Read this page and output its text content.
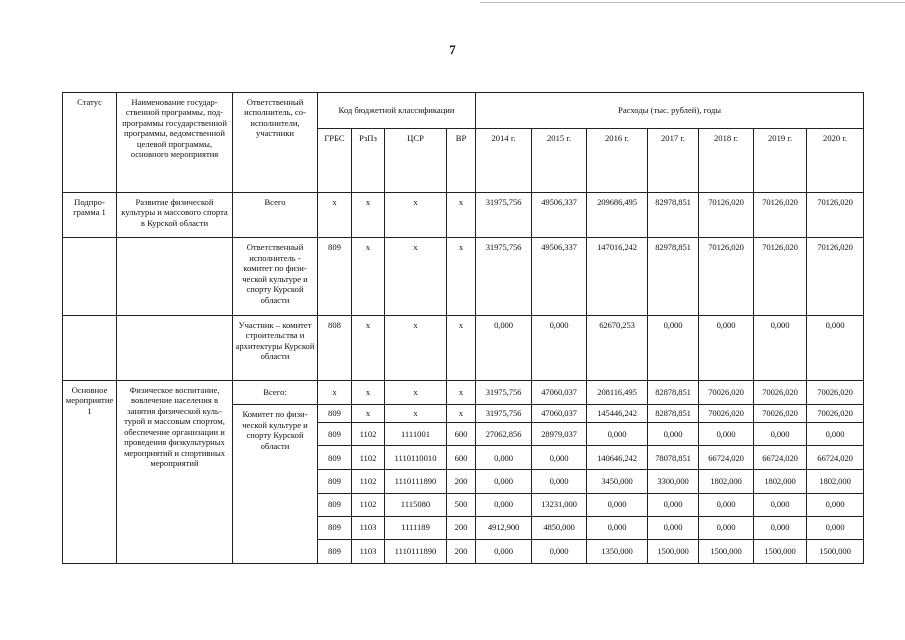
7
Статус	Наименование государственной программы, подпрограммы государственной программы, ведомственной целевой программы, основного мероприятия	Ответственный исполнитель, соисполнители, участники	Код бюджетной классификации				Расходы (тыс. рублей), годы						
			ГРБС	РзПз	ЦСР	ВР	2014 г.	2015 г.	2016 г.	2017 г.	2018 г.	2019 г.	2020 г.
Подпрограмма 1	Развитие физической культуры и массового спорта в Курской области	Всего	x	x	x	x	31975,756	49506,337	209686,495	82978,851	70126,020	70126,020	70126,020
		Ответственный исполнитель - комитет по физической культуре и спорту Курской области	809	x	x	x	31975,756	49506,337	147016,242	82978,851	70126,020	70126,020	70126,020
		Участник – комитет строительства и архитектуры Курской области	808	x	x	x	0,000	0,000	62670,253	0,000	0,000	0,000	0,000
Основное мероприятие 1	Физическое воспитание, вовлечение населения в занятия физической культурой и массовым спортом, обеспечение организации и проведения физкультурных мероприятий и спортивных мероприятий	Всего:	x	x	x	x	31975,756	47060,037	208116,495	82878,851	70026,020	70026,020	70026,020
		Комитет по физической культуре и спорту Курской области	809	x	x	x	31975,756	47060,037	145446,242	82878,851	70026,020	70026,020	70026,020
			809	1102	1111001	600	27062,856	28979,037	0,000	0,000	0,000	0,000	0,000
			809	1102	1110110010	600	0,000	0,000	140646,242	78078,851	66724,020	66724,020	66724,020
			809	1102	1110111890	200	0,000	0,000	3450,000	3300,000	1802,000	1802,000	1802,000
			809	1102	1115080	500	0,000	13231,000	0,000	0,000	0,000	0,000	0,000
			809	1103	1111189	200	4912,900	4850,000	0,000	0,000	0,000	0,000	0,000
			809	1103	1110111890	200	0,000	0,000	1350,000	1500,000	1500,000	1500,000	1500,000
